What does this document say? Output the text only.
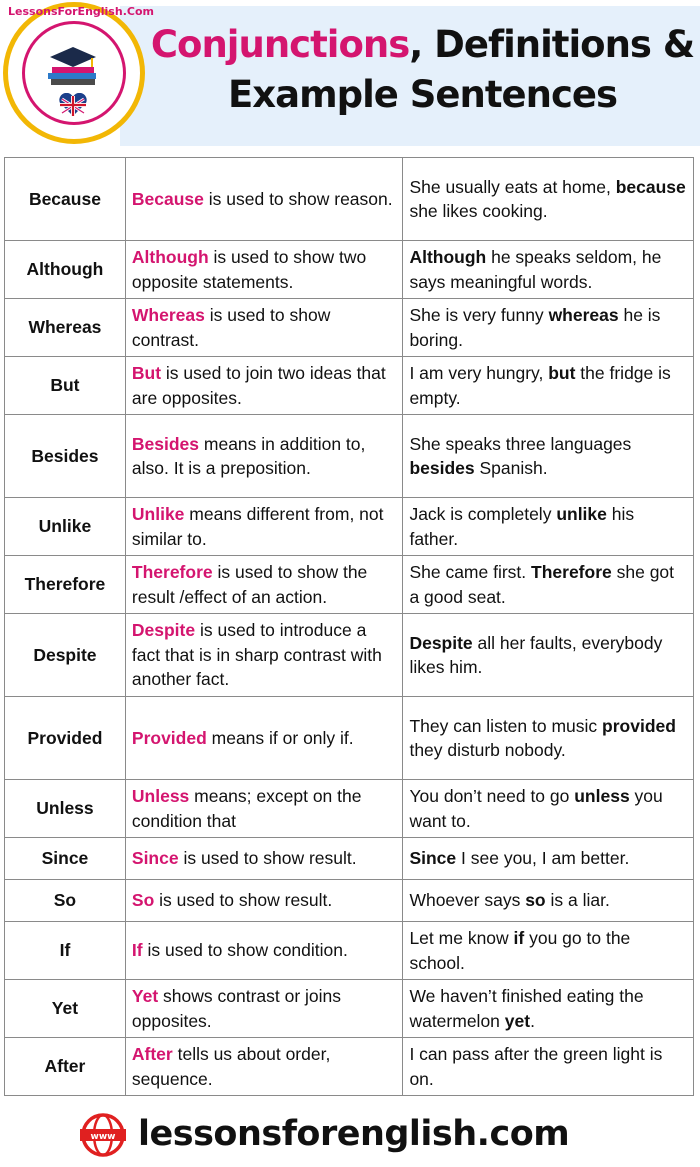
LessonsForEnglish.Com
Conjunctions, Definitions &
Example Sentences
Because	Because is used to show reason.	She usually eats at home, because she likes cooking.
Although	Although is used to show two opposite statements.	Although he speaks seldom, he says meaningful words.
Whereas	Whereas is used to show contrast.	She is very funny whereas he is boring.
But	But is used to join two ideas that are opposites.	I am very hungry, but the fridge is empty.
Besides	Besides means in addition to, also. It is a preposition.	She speaks three languages besides Spanish.
Unlike	Unlike means different from, not similar to.	Jack is completely unlike his father.
Therefore	Therefore is used to show the result /effect of an action.	She came first. Therefore she got a good seat.
Despite	Despite is used to introduce a fact that is in sharp contrast with another fact.	Despite all her faults, everybody likes him.
Provided	Provided means if or only if.	They can listen to music provided they disturb nobody.
Unless	Unless means; except on the condition that	You don’t need to go unless you want to.
Since	Since is used to show result.	Since I see you, I am better.
So	So is used to show result.	Whoever says so is a liar.
If	If is used to show condition.	Let me know if you go to the school.
Yet	Yet shows contrast or joins opposites.	We haven’t finished eating the watermelon yet.
After	After tells us about order, sequence.	I can pass after the green light is on.
www lessonsforenglish.com
